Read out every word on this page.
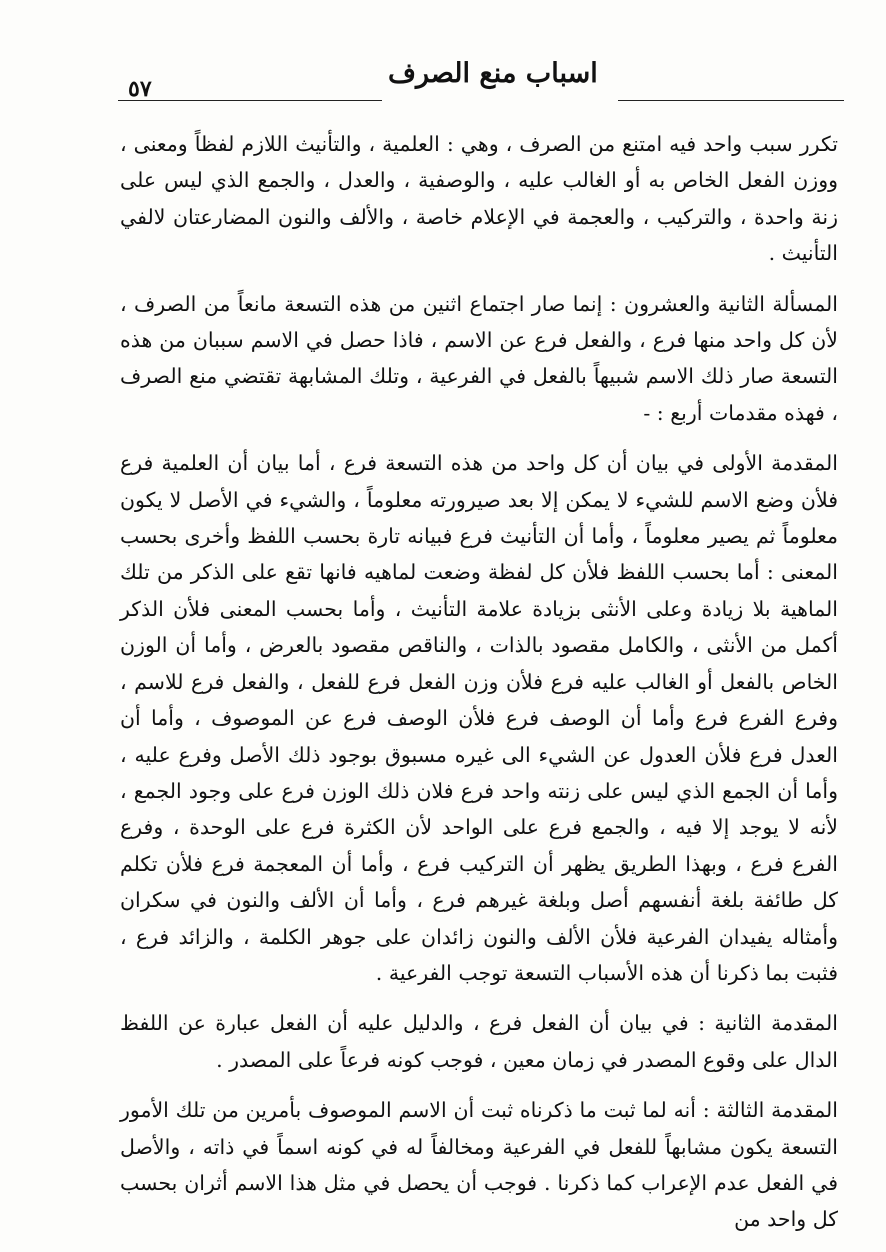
٥٧	اسباب منع الصرف

تكرر سبب واحد فيه امتنع من الصرف ، وهي : العلمية ، والتأنيث اللازم لفظاً ومعنى ، ووزن الفعل الخاص به أو الغالب عليه ، والوصفية ، والعدل ، والجمع الذي ليس على زنة واحدة ، والتركيب ، والعجمة في الإعلام خاصة ، والألف والنون المضارعتان لالفي التأنيث .

المسألة الثانية والعشرون : إنما صار اجتماع اثنين من هذه التسعة مانعاً من الصرف ، لأن كل واحد منها فرع ، والفعل فرع عن الاسم ، فاذا حصل في الاسم سببان من هذه التسعة صار ذلك الاسم شبيهاً بالفعل في الفرعية ، وتلك المشابهة تقتضي منع الصرف ، فهذه مقدمات أربع : -

المقدمة الأولى في بيان أن كل واحد من هذه التسعة فرع ، أما بيان أن العلمية فرع فلأن وضع الاسم للشيء لا يمكن إلا بعد صيرورته معلوماً ، والشيء في الأصل لا يكون معلوماً ثم يصير معلوماً ، وأما أن التأنيث فرع فبيانه تارة بحسب اللفظ وأخرى بحسب المعنى : أما بحسب اللفظ فلأن كل لفظة وضعت لماهيه فانها تقع على الذكر من تلك الماهية بلا زيادة وعلى الأنثى بزيادة علامة التأنيث ، وأما بحسب المعنى فلأن الذكر أكمل من الأنثى ، والكامل مقصود بالذات ، والناقص مقصود بالعرض ، وأما أن الوزن الخاص بالفعل أو الغالب عليه فرع فلأن وزن الفعل فرع للفعل ، والفعل فرع للاسم ، وفرع الفرع فرع وأما أن الوصف فرع فلأن الوصف فرع عن الموصوف ، وأما أن العدل فرع فلأن العدول عن الشيء الى غيره مسبوق بوجود ذلك الأصل وفرع عليه ، وأما أن الجمع الذي ليس على زنته واحد فرع فلان ذلك الوزن فرع على وجود الجمع ، لأنه لا يوجد إلا فيه ، والجمع فرع على الواحد لأن الكثرة فرع على الوحدة ، وفرع الفرع فرع ، وبهذا الطريق يظهر أن التركيب فرع ، وأما أن المعجمة فرع فلأن تكلم كل طائفة بلغة أنفسهم أصل وبلغة غيرهم فرع ، وأما أن الألف والنون في سكران وأمثاله يفيدان الفرعية فلأن الألف والنون زائدان على جوهر الكلمة ، والزائد فرع ، فثبت بما ذكرنا أن هذه الأسباب التسعة توجب الفرعية .

المقدمة الثانية : في بيان أن الفعل فرع ، والدليل عليه أن الفعل عبارة عن اللفظ الدال على وقوع المصدر في زمان معين ، فوجب كونه فرعاً على المصدر .

المقدمة الثالثة : أنه لما ثبت ما ذكرناه ثبت أن الاسم الموصوف بأمرين من تلك الأمور التسعة يكون مشابهاً للفعل في الفرعية ومخالفاً له في كونه اسماً في ذاته ، والأصل في الفعل عدم الإعراب كما ذكرنا . فوجب أن يحصل في مثل هذا الاسم أثران بحسب كل واحد من
